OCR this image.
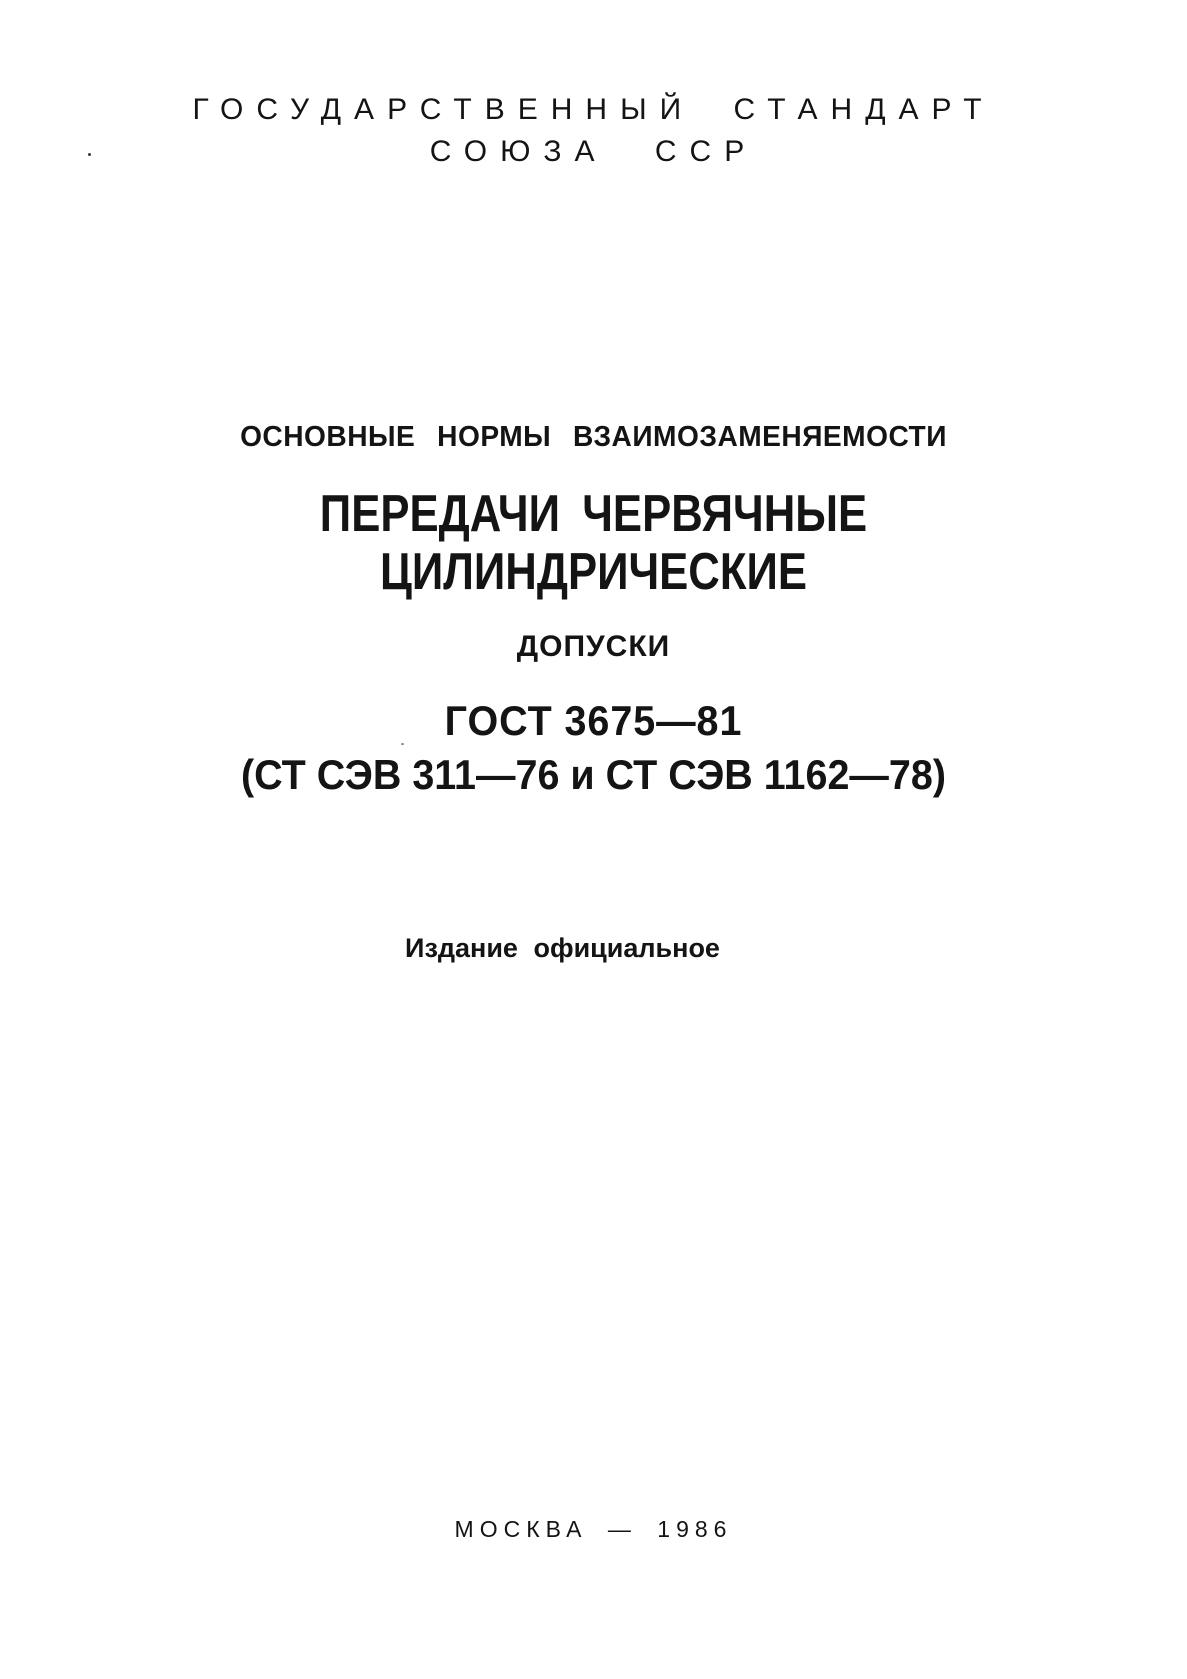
ГОСУДАРСТВЕННЫЙ СТАНДАРТ
СОЮЗА ССР
ОСНОВНЫЕ НОРМЫ ВЗАИМОЗАМЕНЯЕМОСТИ
ПЕРЕДАЧИ ЧЕРВЯЧНЫЕ
ЦИЛИНДРИЧЕСКИЕ
ДОПУСКИ
ГОСТ 3675—81
(СТ СЭВ 311—76 и СТ СЭВ 1162—78)
Издание официальное
МОСКВА — 1986
